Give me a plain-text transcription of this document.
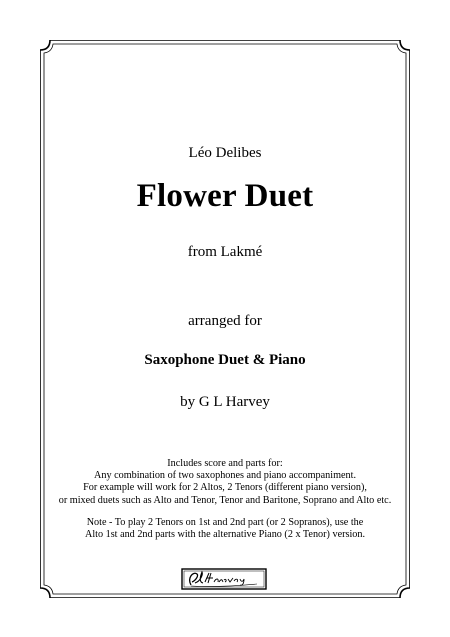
Léo Delibes
Flower Duet
from Lakmé
arranged for
Saxophone Duet & Piano
by G L Harvey
Includes score and parts for:
Any combination of two saxophones and piano accompaniment.
For example will work for 2 Altos, 2 Tenors (different piano version),
or mixed duets such as Alto and Tenor, Tenor and Baritone, Soprano and Alto etc.
Note - To play 2 Tenors on 1st and 2nd part (or 2 Sopranos), use the
Alto 1st and 2nd parts with the alternative Piano (2 x Tenor) version.
